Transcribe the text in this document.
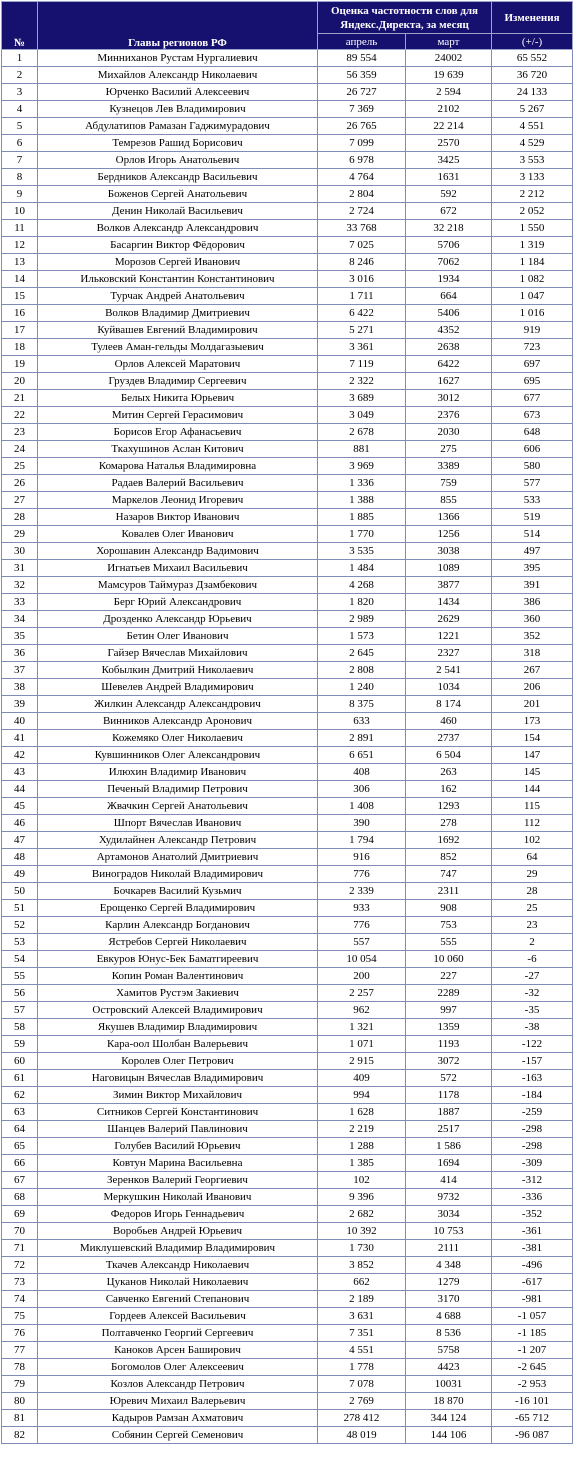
№	Главы регионов РФ	Оценка частотности слов для Яндекс.Директа, за месяц		Изменения
		апрель	март	(+/-)
1	Минниханов Рустам Нургалиевич	89 554	24002	65 552
2	Михайлов Александр Николаевич	56 359	19 639	36 720
3	Юрченко Василий Алексеевич	26 727	2 594	24 133
4	Кузнецов Лев Владимирович	7 369	2102	5 267
5	Абдулатипов Рамазан Гаджимурадович	26 765	22 214	4 551
6	Темрезов Рашид Борисович	7 099	2570	4 529
7	Орлов Игорь Анатольевич	6 978	3425	3 553
8	Бердников Александр Васильевич	4 764	1631	3 133
9	Боженов Сергей Анатольевич	2 804	592	2 212
10	Денин Николай Васильевич	2 724	672	2 052
11	Волков Александр Александрович	33 768	32 218	1 550
12	Басаргин Виктор Фёдорович	7 025	5706	1 319
13	Морозов Сергей Иванович	8 246	7062	1 184
14	Ильковский Константин Константинович	3 016	1934	1 082
15	Турчак Андрей Анатольевич	1 711	664	1 047
16	Волков Владимир Дмитриевич	6 422	5406	1 016
17	Куйвашев Евгений Владимирович	5 271	4352	919
18	Тулеев Аман-гельды Молдагазыевич	3 361	2638	723
19	Орлов Алексей Маратович	7 119	6422	697
20	Груздев Владимир Сергеевич	2 322	1627	695
21	Белых Никита Юрьевич	3 689	3012	677
22	Митин Сергей Герасимович	3 049	2376	673
23	Борисов Егор Афанасьевич	2 678	2030	648
24	Ткахушинов Аслан Китович	881	275	606
25	Комарова Наталья Владимировна	3 969	3389	580
26	Радаев Валерий Васильевич	1 336	759	577
27	Маркелов Леонид Игоревич	1 388	855	533
28	Назаров Виктор Иванович	1 885	1366	519
29	Ковалев Олег Иванович	1 770	1256	514
30	Хорошавин Александр Вадимович	3 535	3038	497
31	Игнатьев Михаил Васильевич	1 484	1089	395
32	Мамсуров Таймураз Дзамбекович	4 268	3877	391
33	Берг Юрий Александрович	1 820	1434	386
34	Дрозденко Александр Юрьевич	2 989	2629	360
35	Бетин Олег Иванович	1 573	1221	352
36	Гайзер Вячеслав Михайлович	2 645	2327	318
37	Кобылкин Дмитрий Николаевич	2 808	2 541	267
38	Шевелев Андрей Владимирович	1 240	1034	206
39	Жилкин Александр Александрович	8 375	8 174	201
40	Винников Александр Аронович	633	460	173
41	Кожемяко Олег Николаевич	2 891	2737	154
42	Кувшинников Олег Александрович	6 651	6 504	147
43	Илюхин Владимир Иванович	408	263	145
44	Печеный Владимир Петрович	306	162	144
45	Жвачкин Сергей Анатольевич	1 408	1293	115
46	Шпорт Вячеслав Иванович	390	278	112
47	Худилайнен Александр Петрович	1 794	1692	102
48	Артамонов Анатолий Дмитриевич	916	852	64
49	Виноградов Николай Владимирович	776	747	29
50	Бочкарев Василий Кузьмич	2 339	2311	28
51	Ерощенко Сергей Владимирович	933	908	25
52	Карлин Александр Богданович	776	753	23
53	Ястребов Сергей Николаевич	557	555	2
54	Евкуров Юнус-Бек Баматгиреевич	10 054	10 060	-6
55	Копин Роман Валентинович	200	227	-27
56	Хамитов Рустэм Закиевич	2 257	2289	-32
57	Островский Алексей Владимирович	962	997	-35
58	Якушев Владимир Владимирович	1 321	1359	-38
59	Кара-оол Шолбан Валерьевич	1 071	1193	-122
60	Королев Олег Петрович	2 915	3072	-157
61	Наговицын Вячеслав Владимирович	409	572	-163
62	Зимин Виктор Михайлович	994	1178	-184
63	Ситников Сергей Константинович	1 628	1887	-259
64	Шанцев Валерий Павлинович	2 219	2517	-298
65	Голубев Василий Юрьевич	1 288	1 586	-298
66	Ковтун Марина Васильевна	1 385	1694	-309
67	Зеренков Валерий Георгиевич	102	414	-312
68	Меркушкин Николай Иванович	9 396	9732	-336
69	Федоров Игорь Геннадьевич	2 682	3034	-352
70	Воробьев Андрей Юрьевич	10 392	10 753	-361
71	Миклушевский Владимир Владимирович	1 730	2111	-381
72	Ткачев Александр Николаевич	3 852	4 348	-496
73	Цуканов Николай Николаевич	662	1279	-617
74	Савченко Евгений Степанович	2 189	3170	-981
75	Гордеев Алексей Васильевич	3 631	4 688	-1 057
76	Полтавченко Георгий Сергеевич	7 351	8 536	-1 185
77	Каноков Арсен Баширович	4 551	5758	-1 207
78	Богомолов Олег Алексеевич	1 778	4423	-2 645
79	Козлов Александр Петрович	7 078	10031	-2 953
80	Юревич Михаил Валерьевич	2 769	18 870	-16 101
81	Кадыров Рамзан Ахматович	278 412	344 124	-65 712
82	Собянин Сергей Семенович	48 019	144 106	-96 087
